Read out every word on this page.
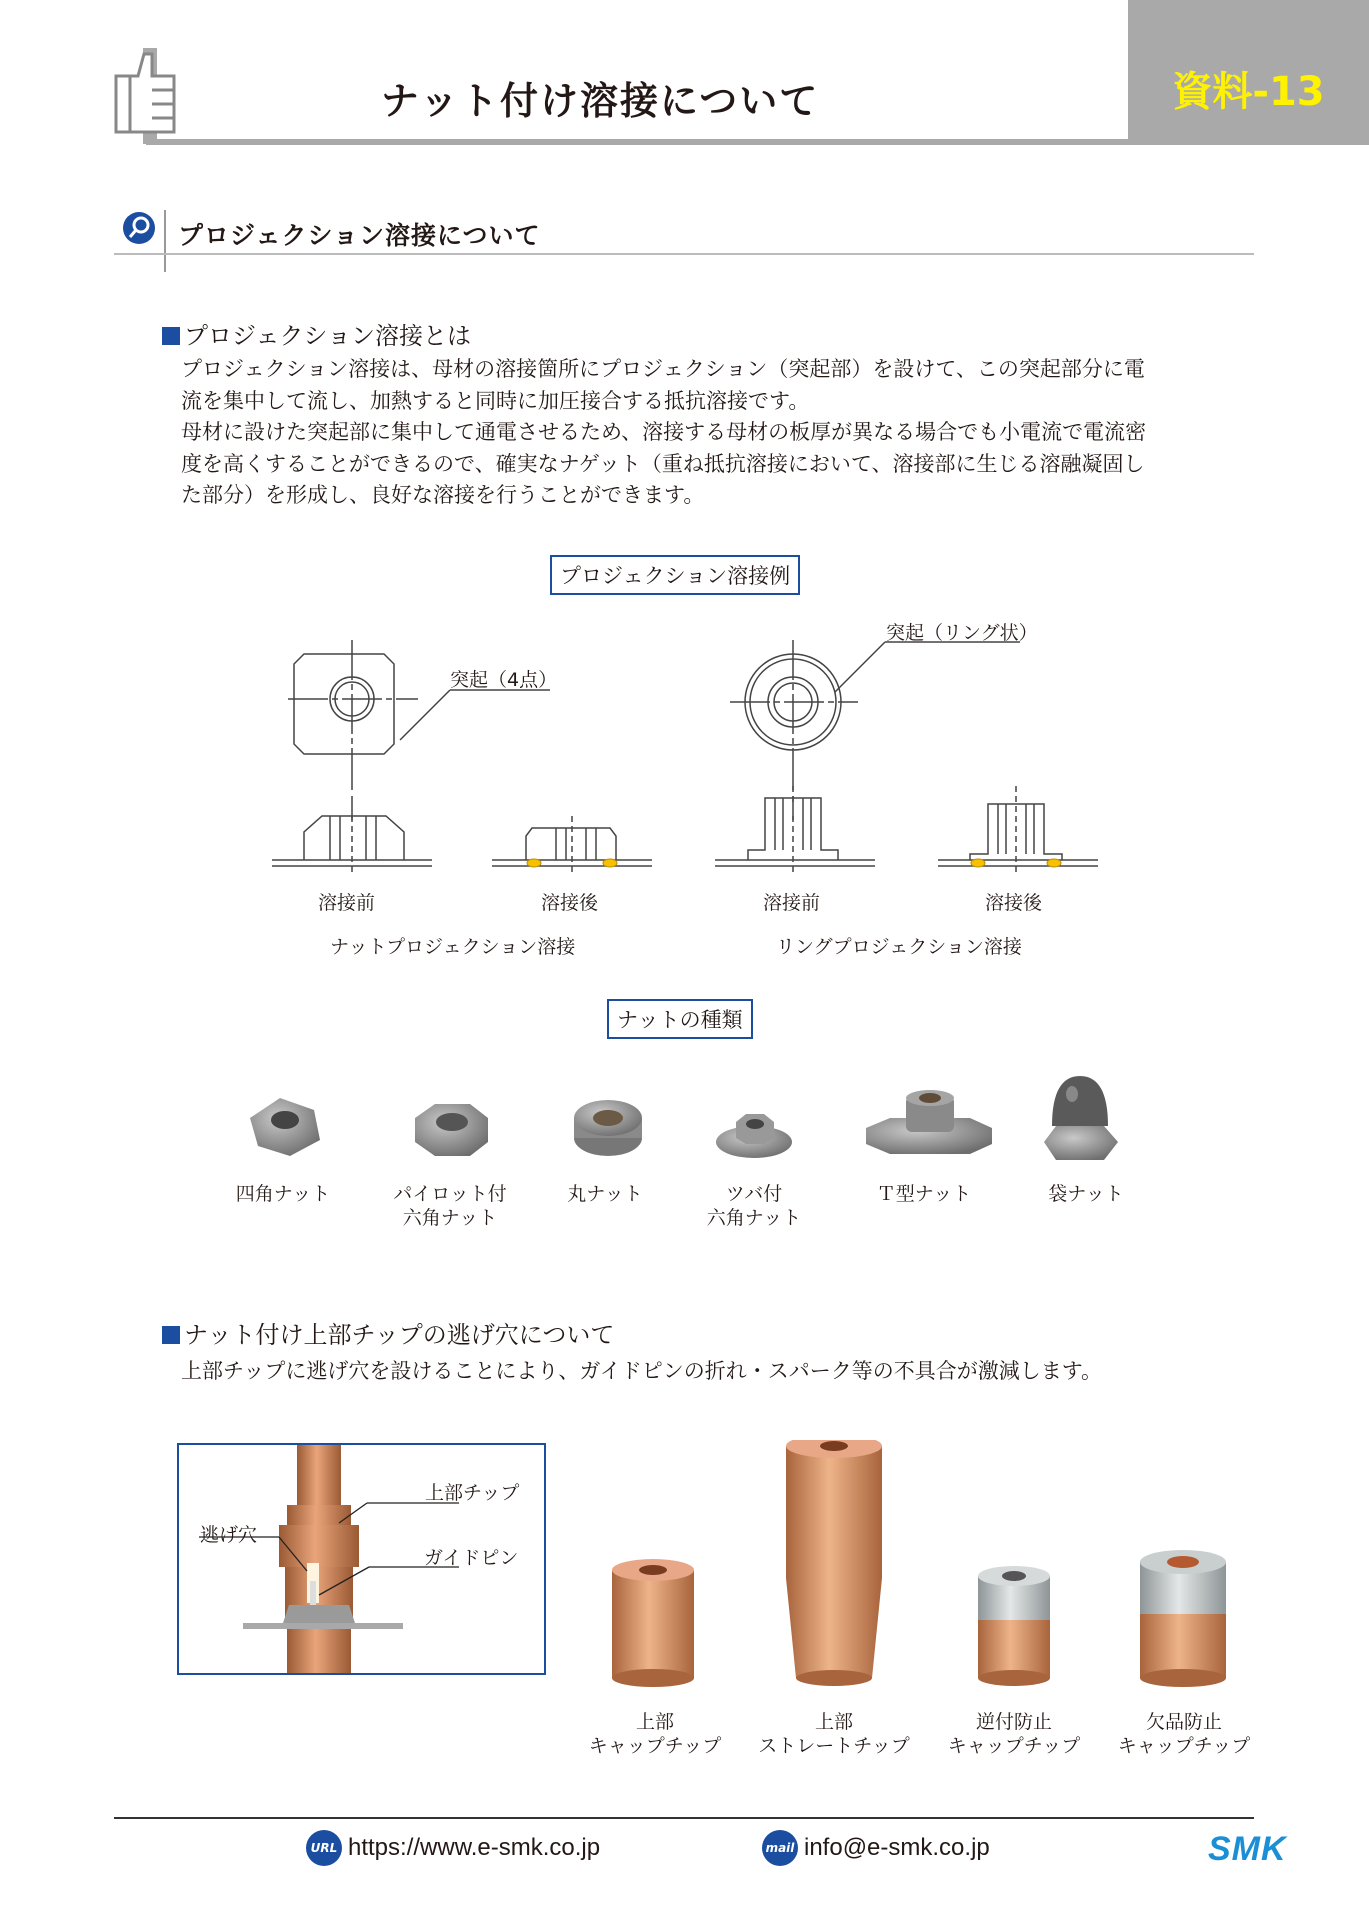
資料-13
ナット付け溶接について
プロジェクション溶接について
プロジェクション溶接とは
プロジェクション溶接は、母材の溶接箇所にプロジェクション（突起部）を設けて、この突起部分に電
流を集中して流し、加熱すると同時に加圧接合する抵抗溶接です。
母材に設けた突起部に集中して通電させるため、溶接する母材の板厚が異なる場合でも小電流で電流密
度を高くすることができるので、確実なナゲット（重ね抵抗溶接において、溶接部に生じる溶融凝固し
た部分）を形成し、良好な溶接を行うことができます。
プロジェクション溶接例
突起（4点）
突起（リング状）
溶接前	溶接後	溶接前	溶接後
ナットプロジェクション溶接	リングプロジェクション溶接
ナットの種類
四角ナット	パイロット付
六角ナット
丸ナット	ツバ付
六角ナット
Ｔ型ナット	袋ナット
ナット付け上部チップの逃げ穴について
上部チップに逃げ穴を設けることにより、ガイドピンの折れ・スパーク等の不具合が激減します。
上部チップ
逃げ穴
ガイドピン
上部
キャップチップ
上部
ストレートチップ
逆付防止
キャップチップ
欠品防止
キャップチップ
URL https://www.e-smk.co.jp	mail info@e-smk.co.jp	SMK
